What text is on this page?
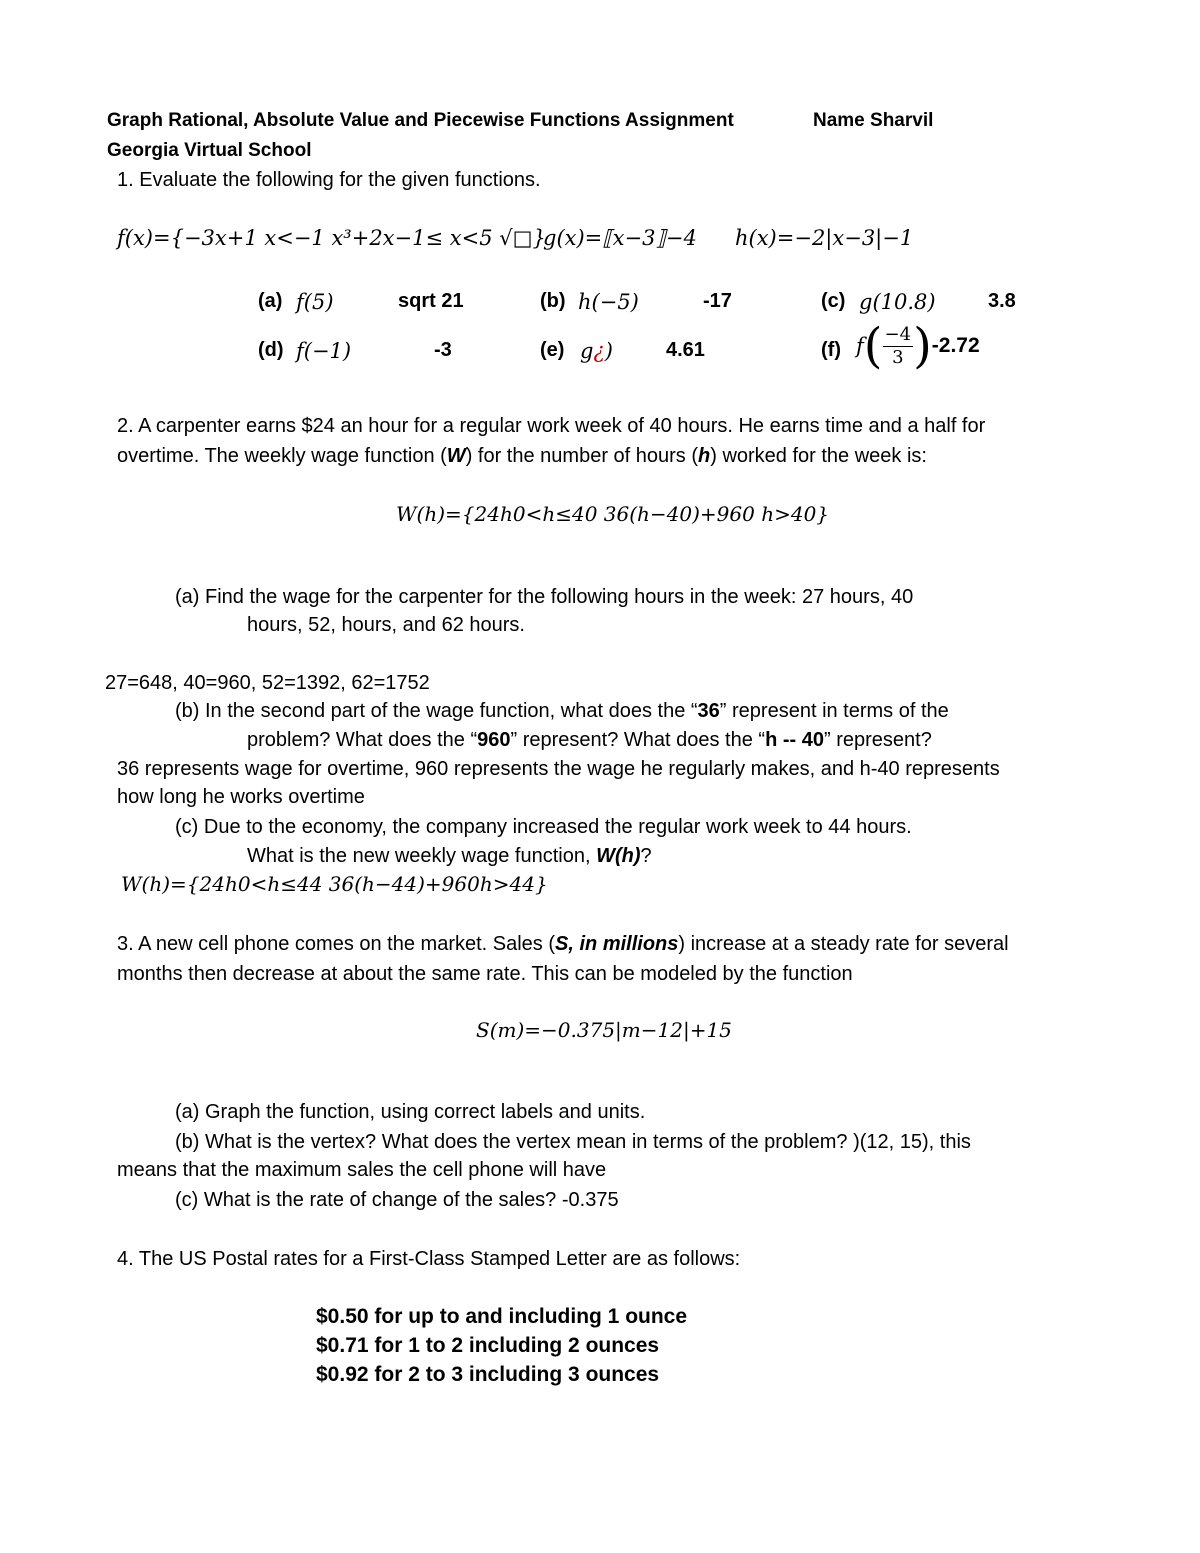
Graph Rational, Absolute Value and Piecewise Functions Assignment	Name Sharvil
Georgia Virtual School
1. Evaluate the following for the given functions.
f(x)={−3x+1 x<−1 x³+2x−1≤ x<5 √□}
g(x)=⟦x−3⟧−4 h(x)=−2|x−3|−1
(a) f(5)	sqrt 21	(b) h(−5)	-17	(c) g(10.8)	3.8
(d) f(−1)	-3	(e) g¿)	4.61	(f) $f( \frac{-4}{3} )-2.72$
2. A carpenter earns $24 an hour for a regular work week of 40 hours. He earns time and a half for
overtime. The weekly wage function (W) for the number of hours (h) worked for the week is:
W(h)={24h0<h≤40 36(h−40)+960 h>40}
(a) Find the wage for the carpenter for the following hours in the week: 27 hours, 40
hours, 52, hours, and 62 hours.
27=648, 40=960, 52=1392, 62=1752
(b) In the second part of the wage function, what does the “36” represent in terms of the
problem? What does the “960” represent? What does the “h -- 40” represent?
36 represents wage for overtime, 960 represents the wage he regularly makes, and h-40 represents
how long he works overtime
(c) Due to the economy, the company increased the regular work week to 44 hours.
What is the new weekly wage function, W(h)?
W(h)={24h0<h≤44 36(h−44)+960h>44}
3. A new cell phone comes on the market. Sales (S, in millions) increase at a steady rate for several
months then decrease at about the same rate. This can be modeled by the function
S(m)=−0.375|m−12|+15
(a) Graph the function, using correct labels and units.
(b) What is the vertex? What does the vertex mean in terms of the problem? )(12, 15), this
means that the maximum sales the cell phone will have
(c) What is the rate of change of the sales? -0.375
4. The US Postal rates for a First-Class Stamped Letter are as follows:
$0.50 for up to and including 1 ounce
$0.71 for 1 to 2 including 2 ounces
$0.92 for 2 to 3 including 3 ounces
